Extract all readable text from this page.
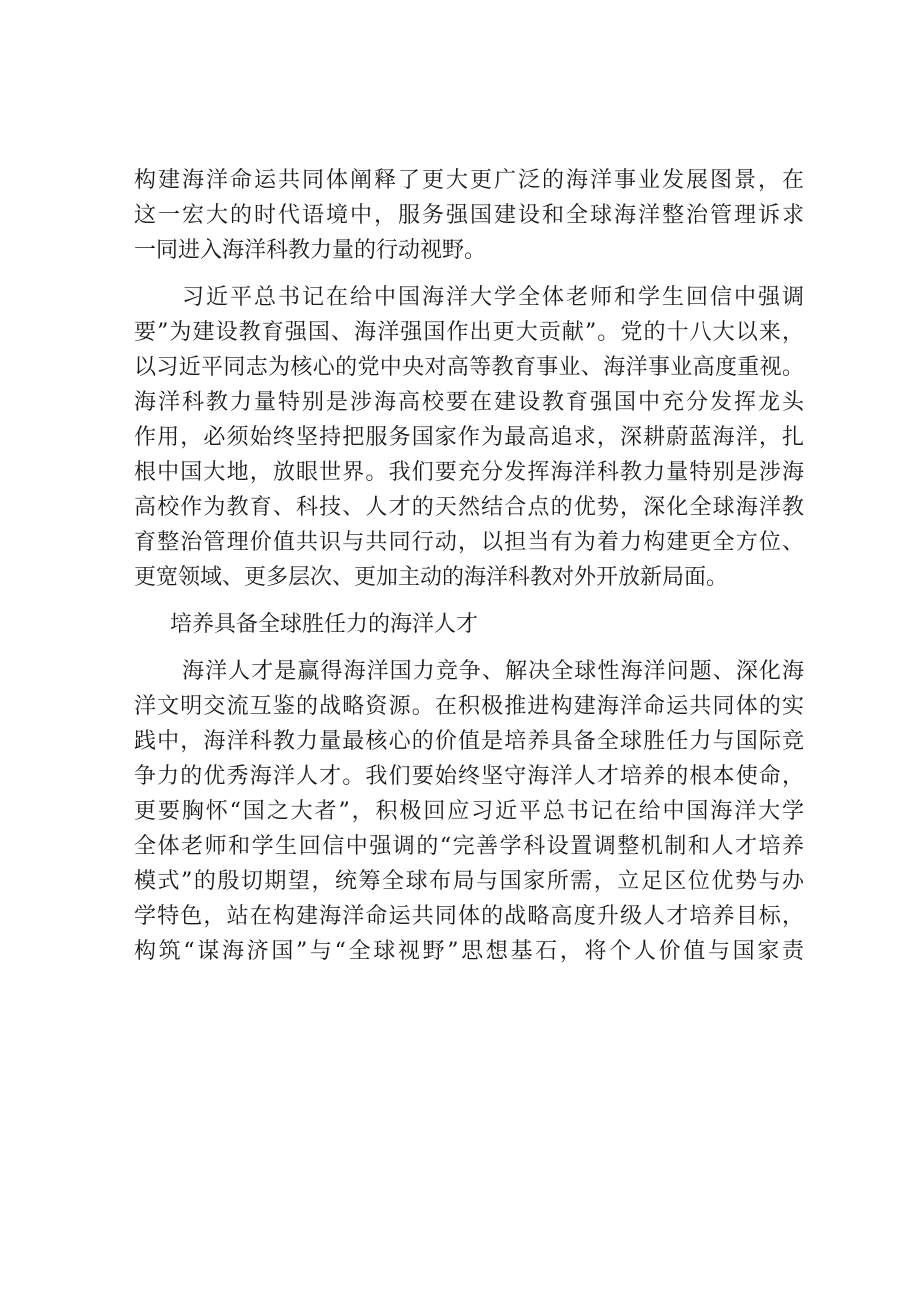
构建海洋命运共同体阐释了更大更广泛的海洋事业发展图景，在
这一宏大的时代语境中，服务强国建设和全球海洋整治管理诉求
一同进入海洋科教力量的行动视野。
习近平总书记在给中国海洋大学全体老师和学生回信中强调
要”为建设教育强国、海洋强国作出更大贡献”。党的十八大以来，
以习近平同志为核心的党中央对高等教育事业、海洋事业高度重视。
海洋科教力量特别是涉海高校要在建设教育强国中充分发挥龙头
作用，必须始终坚持把服务国家作为最高追求，深耕蔚蓝海洋，扎
根中国大地，放眼世界。我们要充分发挥海洋科教力量特别是涉海
高校作为教育、科技、人才的天然结合点的优势，深化全球海洋教
育整治管理价值共识与共同行动，以担当有为着力构建更全方位、
更宽领域、更多层次、更加主动的海洋科教对外开放新局面。
培养具备全球胜任力的海洋人才
海洋人才是赢得海洋国力竞争、解决全球性海洋问题、深化海
洋文明交流互鉴的战略资源。在积极推进构建海洋命运共同体的实
践中，海洋科教力量最核心的价值是培养具备全球胜任力与国际竞
争力的优秀海洋人才。我们要始终坚守海洋人才培养的根本使命，
更要胸怀“国之大者”，积极回应习近平总书记在给中国海洋大学
全体老师和学生回信中强调的“完善学科设置调整机制和人才培养
模式”的殷切期望，统筹全球布局与国家所需，立足区位优势与办
学特色，站在构建海洋命运共同体的战略高度升级人才培养目标，
构筑“谋海济国”与“全球视野”思想基石，将个人价值与国家责
